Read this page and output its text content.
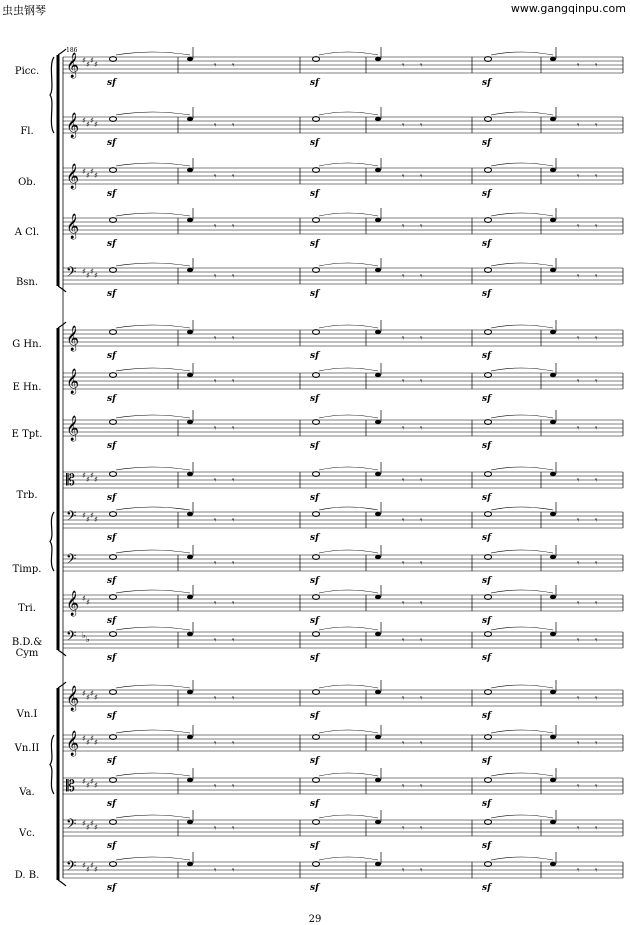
虫虫钢琴	www.gangqinpu.com
186
Picc.
Fl.
Ob.
A Cl.
Bsn.
G Hn.
E Hn.
E Tpt.
Trb.
Timp.
Tri.
B.D.& Cym
Vn.I
Vn.II
Va.
Vc.
D. B.
𝄞 ♯ ♯ ♯ ♯	𝄾 𝄾
sf
𝄾 𝄾
sf
𝄾 𝄾
sf
𝄞 ♯ ♯ ♯ ♯	𝄾 𝄾
sf
𝄾 𝄾
sf
𝄾 𝄾
sf
𝄞 ♯ ♯ ♯ ♯	𝄾 𝄾
sf
𝄾 𝄾
sf
𝄾 𝄾
sf
𝄞	𝄾 𝄾
sf
𝄾 𝄾
sf
𝄾 𝄾
sf
𝄢 ♯ ♯ ♯ ♯	𝄾 𝄾
sf
𝄾 𝄾
sf
𝄾 𝄾
sf
𝄞	𝄾 𝄾
sf
𝄾 𝄾
sf
𝄾 𝄾
sf
𝄞	𝄾 𝄾
sf
𝄾 𝄾
sf
𝄾 𝄾
sf
𝄞	𝄾 𝄾
sf
𝄾 𝄾
sf
𝄾 𝄾
sf
𝄡 ♯ ♯ ♯ ♯	𝄾 𝄾
sf
𝄾 𝄾
sf
𝄾 𝄾
sf
𝄢 ♯ ♯ ♯ ♯	𝄾 𝄾
sf
𝄾 𝄾
sf
𝄾 𝄾
sf
𝄢	𝄾 𝄾
sf
𝄾 𝄾
sf
𝄾 𝄾
sf
𝄞 ♯ ♯	𝄾 𝄾
sf
𝄾 𝄾
sf
𝄾 𝄾
sf
𝄢 ♭ ♭	𝄾 𝄾
sf
𝄾 𝄾
sf
𝄾 𝄾
sf
𝄞 ♯ ♯ ♯ ♯	𝄾 𝄾
sf
𝄾 𝄾
sf
𝄾 𝄾
sf
𝄞 ♯ ♯ ♯ ♯	𝄾 𝄾
sf
𝄾 𝄾
sf
𝄾 𝄾
sf
𝄡 ♯ ♯ ♯ ♯	𝄾 𝄾
sf
𝄾 𝄾
sf
𝄾 𝄾
sf
𝄢 ♯ ♯ ♯ ♯	𝄾 𝄾
sf
𝄾 𝄾
sf
𝄾 𝄾
sf
𝄢 ♯ ♯ ♯ ♯	𝄾 𝄾
sf
𝄾 𝄾
sf
𝄾 𝄾
sf
29
